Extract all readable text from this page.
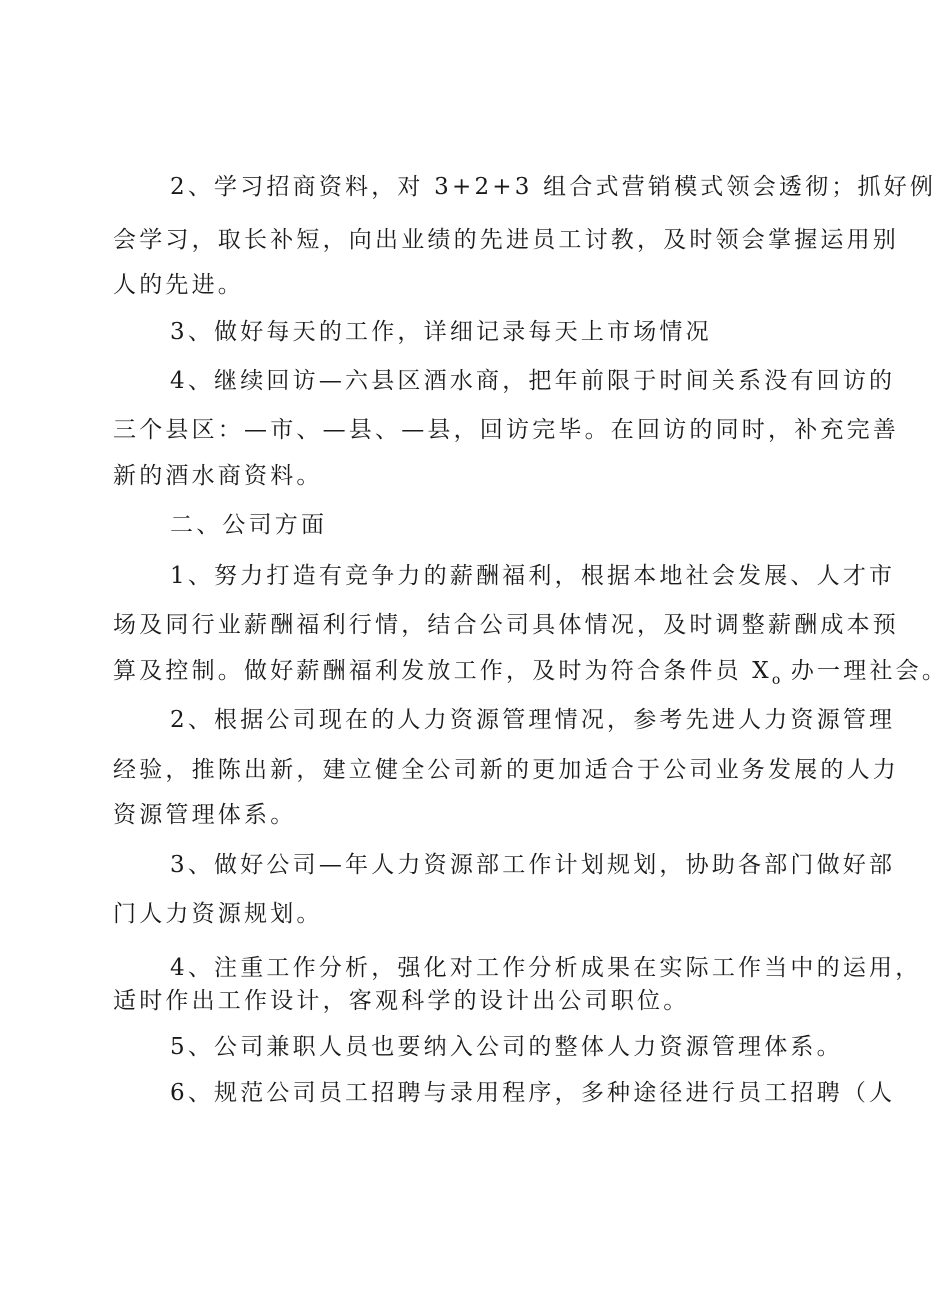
2、学习招商资料，对 3+2+3 组合式营销模式领会透彻；抓好例
会学习，取长补短，向出业绩的先进员工讨教，及时领会掌握运用别
人的先进。
3、做好每天的工作，详细记录每天上市场情况
4、继续回访—六县区酒水商，把年前限于时间关系没有回访的
三个县区：—市、—县、—县，回访完毕。在回访的同时，补充完善
新的酒水商资料。
二、公司方面
1、努力打造有竞争力的薪酬福利，根据本地社会发展、人才市
场及同行业薪酬福利行情，结合公司具体情况，及时调整薪酬成本预
算及控制。做好薪酬福利发放工作，及时为符合条件员 $X_o$ 办一理社会。
2、根据公司现在的人力资源管理情况，参考先进人力资源管理
经验，推陈出新，建立健全公司新的更加适合于公司业务发展的人力
资源管理体系。
3、做好公司—年人力资源部工作计划规划，协助各部门做好部
门人力资源规划。
4、注重工作分析，强化对工作分析成果在实际工作当中的运用，
适时作出工作设计，客观科学的设计出公司职位。
5、公司兼职人员也要纳入公司的整体人力资源管理体系。
6、规范公司员工招聘与录用程序，多种途径进行员工招聘（人
